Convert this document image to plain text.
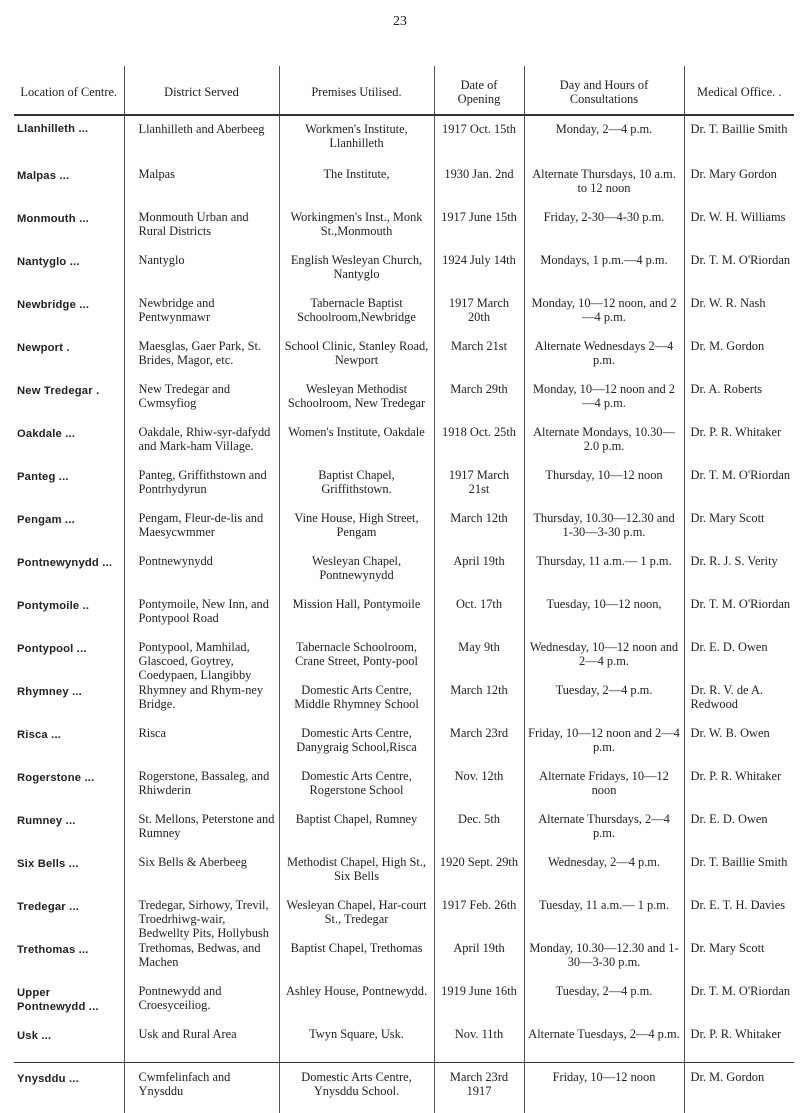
23
Location of Centre.	District Served	Premises Utilised.	Date of Opening	Day and Hours of Consultations	Medical Office. .
Llanhilleth ...	Llanhilleth and Aberbeeg	Workmen's Institute, Llanhilleth	1917 Oct. 15th	Monday, 2—4 p.m.	Dr. T. Baillie Smith
Malpas ...	Malpas	The Institute,	1930 Jan. 2nd	Alternate Thursdays, 10 a.m. to 12 noon	Dr. Mary Gordon
Monmouth ...	Monmouth Urban and Rural Districts	Workingmen's Inst., Monk St.,Monmouth	1917 June 15th	Friday, 2-30—4-30 p.m.	Dr. W. H. Williams
Nantyglo ...	Nantyglo	English Wesleyan Church, Nantyglo	1924 July 14th	Mondays, 1 p.m.—4 p.m.	Dr. T. M. O'Riordan
Newbridge ...	Newbridge and Pentwynmawr	Tabernacle Baptist Schoolroom,Newbridge	1917 March 20th	Monday, 10—12 noon, and 2—4 p.m.	Dr. W. R. Nash
Newport .	Maesglas, Gaer Park, St. Brides, Magor, etc.	School Clinic, Stanley Road, Newport	March 21st	Alternate Wednesdays 2—4 p.m.	Dr. M. Gordon
New Tredegar .	New Tredegar and Cwmsyfiog	Wesleyan Methodist Schoolroom, New Tredegar	March 29th	Monday, 10—12 noon and 2—4 p.m.	Dr. A. Roberts
Oakdale ...	Oakdale, Rhiw-syr-dafydd and Mark-ham Village.	Women's Institute, Oakdale	1918 Oct. 25th	Alternate Mondays, 10.30—2.0 p.m.	Dr. P. R. Whitaker
Panteg ...	Panteg, Griffithstown and Pontrhydyrun	Baptist Chapel, Griffithstown.	1917 March 21st	Thursday, 10—12 noon	Dr. T. M. O'Riordan
Pengam ...	Pengam, Fleur-de-lis and Maesycwmmer	Vine House, High Street, Pengam	March 12th	Thursday, 10.30—12.30 and 1-30—3-30 p.m.	Dr. Mary Scott
Pontnewynydd ...	Pontnewynydd	Wesleyan Chapel, Pontnewynydd	April 19th	Thursday, 11 a.m.— 1 p.m.	Dr. R. J. S. Verity
Pontymoile ..	Pontymoile, New Inn, and Pontypool Road	Mission Hall, Pontymoile	Oct. 17th	Tuesday, 10—12 noon,	Dr. T. M. O'Riordan
Pontypool ...	Pontypool, Mamhilad, Glascoed, Goytrey, Coedypaen, Llangibby	Tabernacle Schoolroom, Crane Street, Ponty-pool	May 9th	Wednesday, 10—12 noon and 2—4 p.m.	Dr. E. D. Owen
Rhymney ...	Rhymney and Rhym-ney Bridge.	Domestic Arts Centre, Middle Rhymney School	March 12th	Tuesday, 2—4 p.m.	Dr. R. V. de A. Redwood
Risca ...	Risca	Domestic Arts Centre, Danygraig School,Risca	March 23rd	Friday, 10—12 noon and 2—4 p.m.	Dr. W. B. Owen
Rogerstone ...	Rogerstone, Bassaleg, and Rhiwderin	Domestic Arts Centre, Rogerstone School	Nov. 12th	Alternate Fridays, 10—12 noon	Dr. P. R. Whitaker
Rumney ...	St. Mellons, Peterstone and Rumney	Baptist Chapel, Rumney	Dec. 5th	Alternate Thursdays, 2—4 p.m.	Dr. E. D. Owen
Six Bells ...	Six Bells & Aberbeeg	Methodist Chapel, High St., Six Bells	1920 Sept. 29th	Wednesday, 2—4 p.m.	Dr. T. Baillie Smith
Tredegar ...	Tredegar, Sirhowy, Trevil, Troedrhiwg-wair, Bedwellty Pits, Hollybush	Wesleyan Chapel, Har-court St., Tredegar	1917 Feb. 26th	Tuesday, 11 a.m.— 1 p.m.	Dr. E. T. H. Davies
Trethomas ...	Trethomas, Bedwas, and Machen	Baptist Chapel, Trethomas	April 19th	Monday, 10.30—12.30 and 1-30—3-30 p.m.	Dr. Mary Scott
Upper Pontnewydd ...	Pontnewydd and Croesyceiliog.	Ashley House, Pontnewydd.	1919 June 16th	Tuesday, 2—4 p.m.	Dr. T. M. O'Riordan
Usk ...	Usk and Rural Area	Twyn Square, Usk.	Nov. 11th	Alternate Tuesdays, 2—4 p.m.	Dr. P. R. Whitaker
Ynysddu ...	Cwmfelinfach and Ynysddu	Domestic Arts Centre, Ynysddu School.	March 23rd 1917	Friday, 10—12 noon	Dr. M. Gordon
